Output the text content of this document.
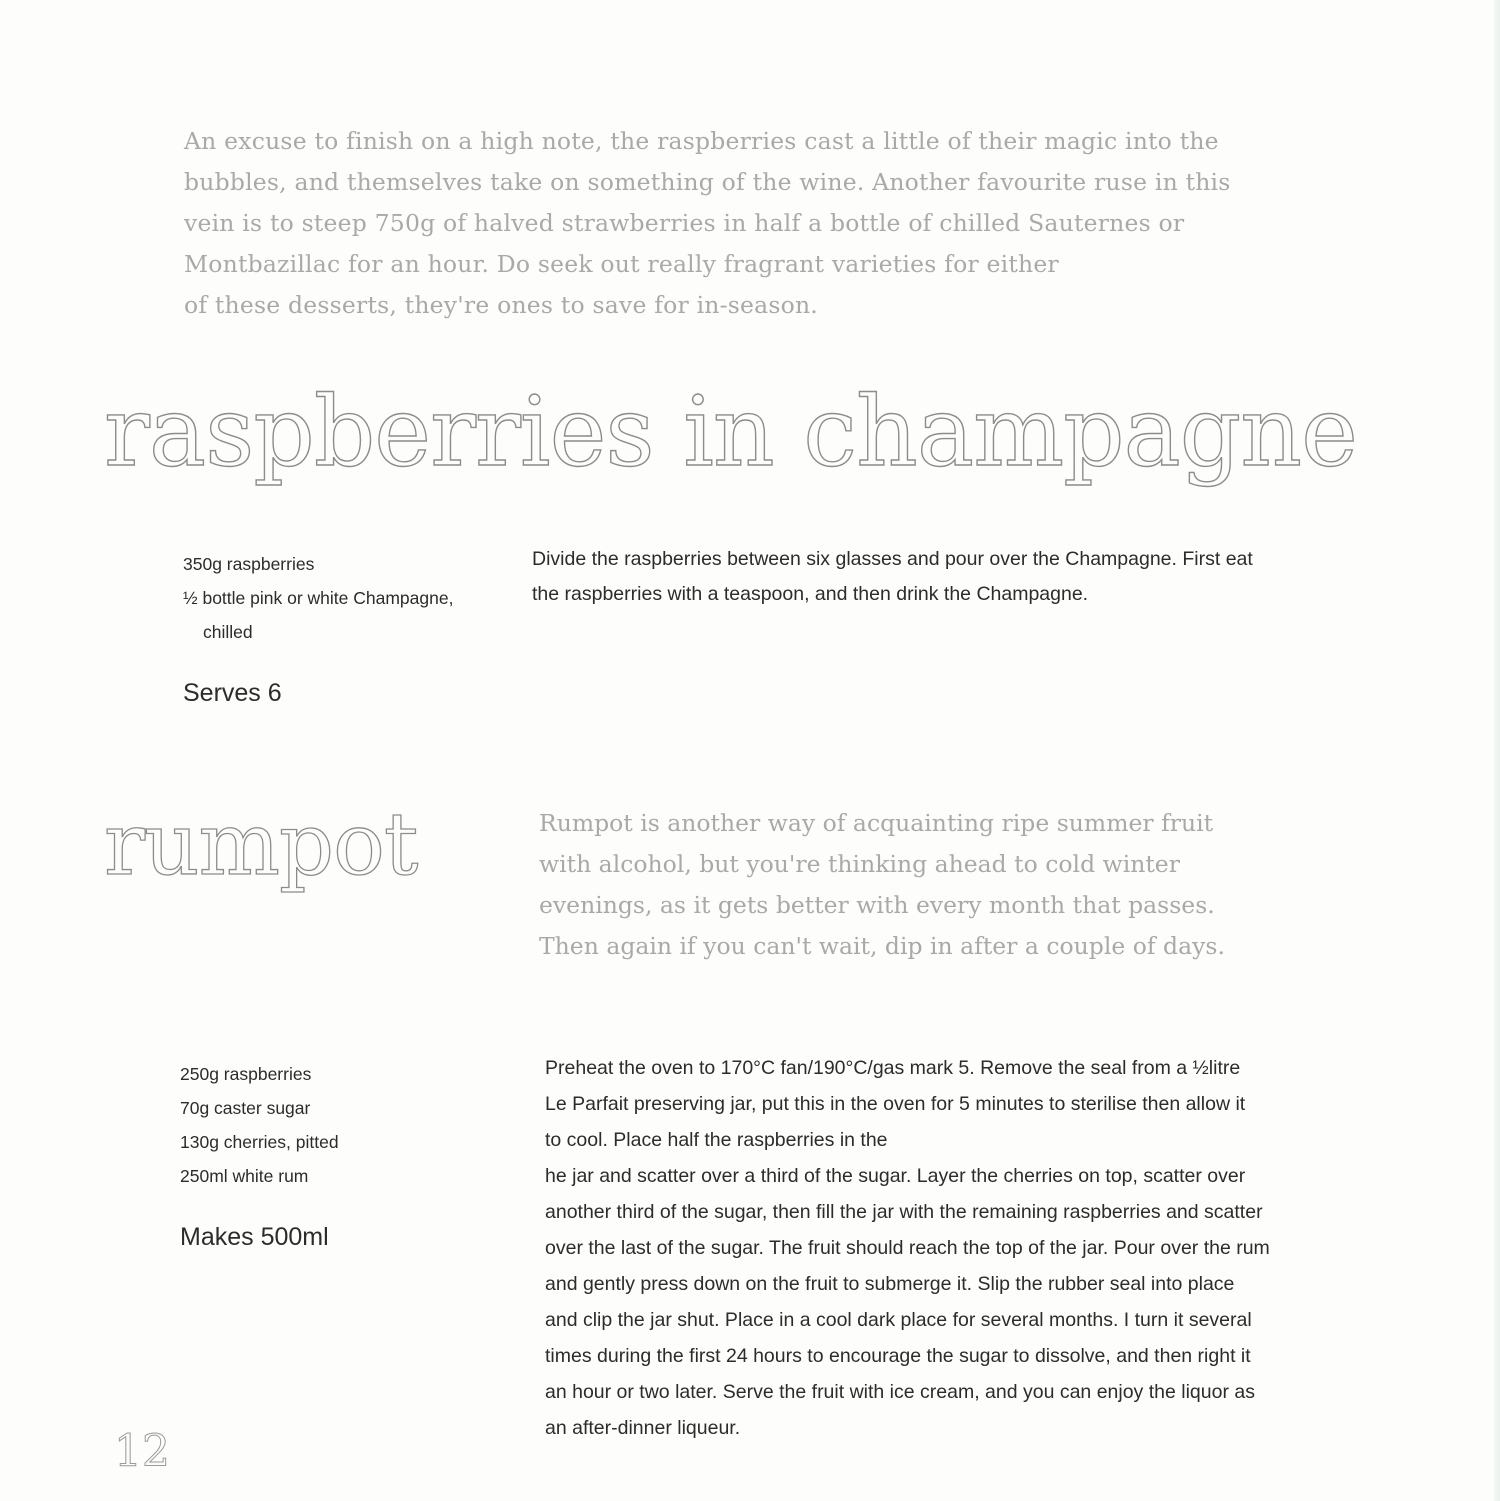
An excuse to finish on a high note, the raspberries cast a little of their magic into the
bubbles, and themselves take on something of the wine. Another favourite ruse in this
vein is to steep 750g of halved strawberries in half a bottle of chilled Sauternes or
Montbazillac for an hour. Do seek out really fragrant varieties for either
of these desserts, they're ones to save for in-season.
raspberries in champagne
350g raspberries
½ bottle pink or white Champagne,
chilled
Serves 6
Divide the raspberries between six glasses and pour over the Champagne. First eat
the raspberries with a teaspoon, and then drink the Champagne.
rumpot	Rumpot is another way of acquainting ripe summer fruit
with alcohol, but you're thinking ahead to cold winter
evenings, as it gets better with every month that passes.
Then again if you can't wait, dip in after a couple of days.
250g raspberries
70g caster sugar
130g cherries, pitted
250ml white rum
Makes 500ml
Preheat the oven to 170°C fan/190°C/gas mark 5. Remove the seal from a ½litre
Le Parfait preserving jar, put this in the oven for 5 minutes to sterilise then allow it
to cool. Place half the raspberries in the
he jar and scatter over a third of the sugar. Layer the cherries on top, scatter over
another third of the sugar, then fill the jar with the remaining raspberries and scatter
over the last of the sugar. The fruit should reach the top of the jar. Pour over the rum
and gently press down on the fruit to submerge it. Slip the rubber seal into place
and clip the jar shut. Place in a cool dark place for several months. I turn it several
times during the first 24 hours to encourage the sugar to dissolve, and then right it
an hour or two later. Serve the fruit with ice cream, and you can enjoy the liquor as
an after-dinner liqueur.
12
